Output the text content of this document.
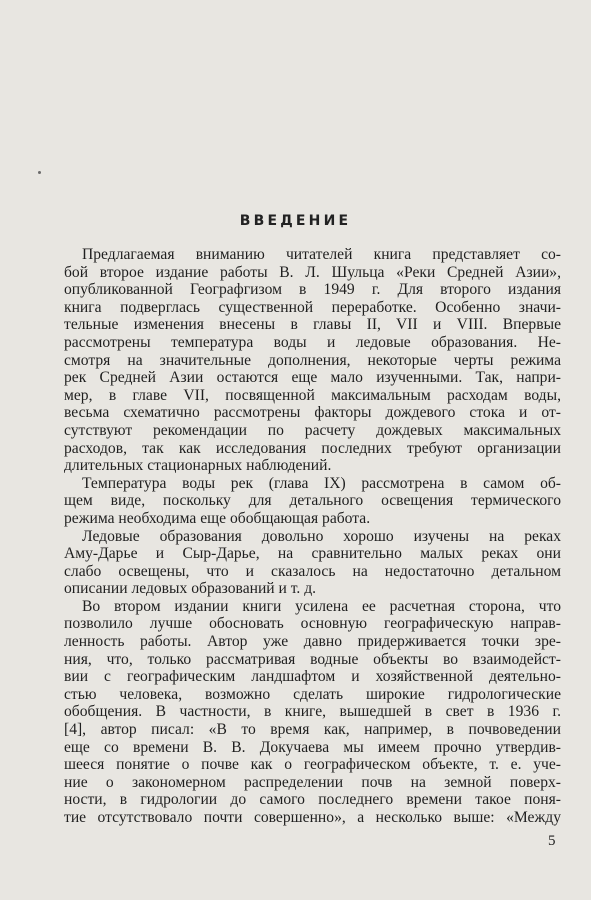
ВВЕДЕНИЕ
Предлагаемая вниманию читателей книга представляет со-
бой второе издание работы В. Л. Шульца «Реки Средней Азии»,
опубликованной Географгизом в 1949 г. Для второго издания
книга подверглась существенной переработке. Особенно значи-
тельные изменения внесены в главы II, VII и VIII. Впервые
рассмотрены температура воды и ледовые образования. Не-
смотря на значительные дополнения, некоторые черты режима
рек Средней Азии остаются еще мало изученными. Так, напри-
мер, в главе VII, посвященной максимальным расходам воды,
весьма схематично рассмотрены факторы дождевого стока и от-
сутствуют рекомендации по расчету дождевых максимальных
расходов, так как исследования последних требуют организации
длительных стационарных наблюдений.
Температура воды рек (глава IX) рассмотрена в самом об-
щем виде, поскольку для детального освещения термического
режима необходима еще обобщающая работа.
Ледовые образования довольно хорошо изучены на реках
Аму-Дарье и Сыр-Дарье, на сравнительно малых реках они
слабо освещены, что и сказалось на недостаточно детальном
описании ледовых образований и т. д.
Во втором издании книги усилена ее расчетная сторона, что
позволило лучше обосновать основную географическую направ-
ленность работы. Автор уже давно придерживается точки зре-
ния, что, только рассматривая водные объекты во взаимодейст-
вии с географическим ландшафтом и хозяйственной деятельно-
стью человека, возможно сделать широкие гидрологические
обобщения. В частности, в книге, вышедшей в свет в 1936 г.
[4], автор писал: «В то время как, например, в почвоведении
еще со времени В. В. Докучаева мы имеем прочно утвердив-
шееся понятие о почве как о географическом объекте, т. е. уче-
ние о закономерном распределении почв на земной поверх-
ности, в гидрологии до самого последнего времени такое поня-
тие отсутствовало почти совершенно», а несколько выше: «Между
5
